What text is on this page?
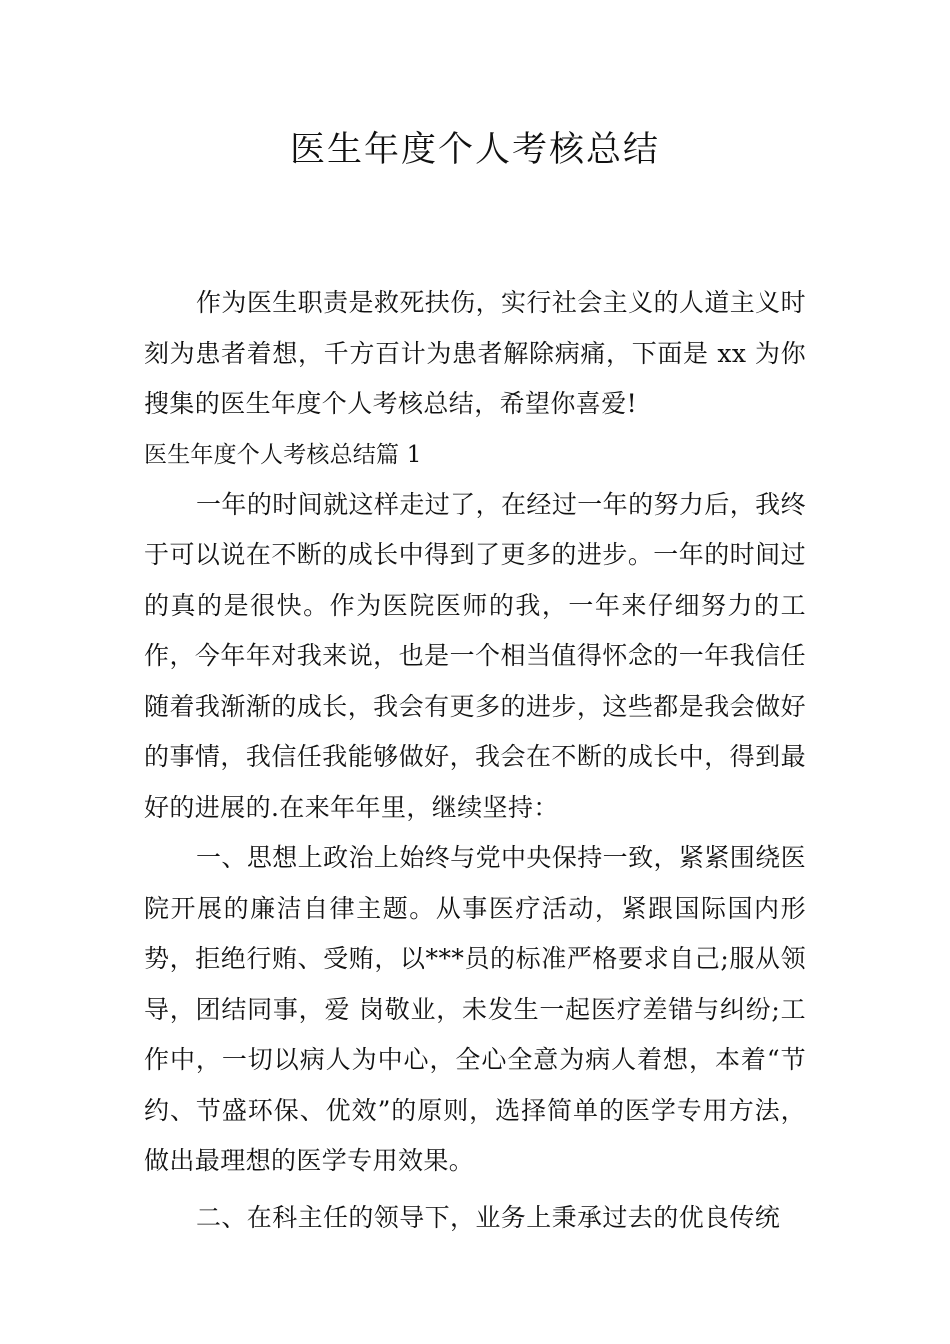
医生年度个人考核总结

作为医生职责是救死扶伤，实行社会主义的人道主义时刻为患者着想，千方百计为患者解除病痛，下面是 xx 为你搜集的医生年度个人考核总结，希望你喜爱!

医生年度个人考核总结篇 1

一年的时间就这样走过了，在经过一年的努力后，我终于可以说在不断的成长中得到了更多的进步。一年的时间过的真的是很快。作为医院医师的我，一年来仔细努力的工作，今年年对我来说，也是一个相当值得怀念的一年我信任随着我渐渐的成长，我会有更多的进步，这些都是我会做好的事情，我信任我能够做好，我会在不断的成长中，得到最好的进展的.在来年年里，继续坚持：

一、思想上政治上始终与党中央保持一致，紧紧围绕医院开展的廉洁自律主题。从事医疗活动，紧跟国际国内形势，拒绝行贿、受贿，以***员的标准严格要求自己;服从领导，团结同事，爱 岗敬业，未发生一起医疗差错与纠纷;工作中，一切以病人为中心，全心全意为病人着想，本着“节约、节盛环保、优效”的原则，选择简单的医学专用方法，做出最理想的医学专用效果。

二、在科主任的领导下，业务上秉承过去的优良传统
